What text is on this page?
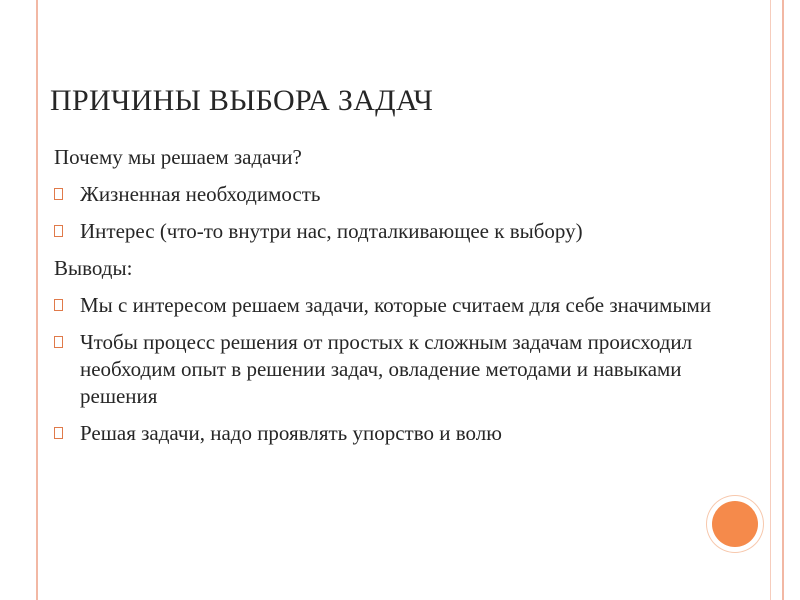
ПРИЧИНЫ ВЫБОРА ЗАДАЧ
Почему мы решаем задачи?
Жизненная необходимость
Интерес (что-то внутри нас, подталкивающее к выбору)
Выводы:
Мы с интересом решаем задачи, которые считаем для себе значимыми
Чтобы процесс решения от простых к сложным задачам происходил необходим опыт в решении задач, овладение методами и навыками решения
Решая задачи, надо проявлять упорство и волю
